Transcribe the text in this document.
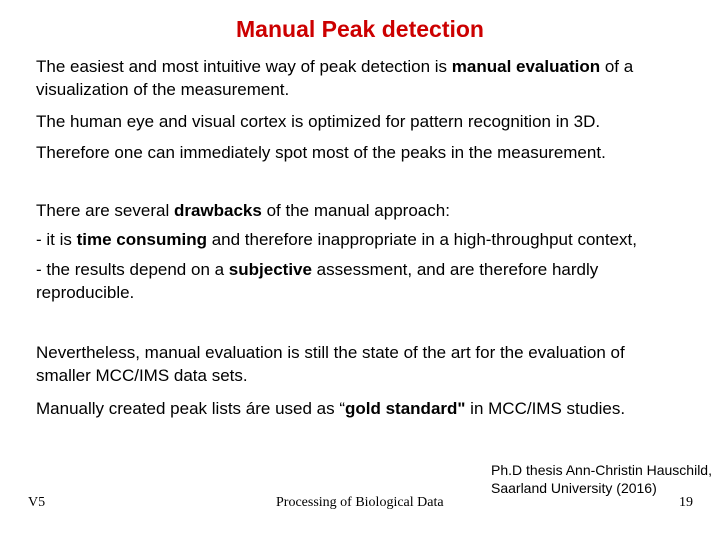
Manual Peak detection
The easiest and most intuitive way of peak detection is manual evaluation of a
visualization of the measurement.
The human eye and visual cortex is optimized for pattern recognition in 3D.
Therefore one can immediately spot most of the peaks in the measurement.
There are several drawbacks of the manual approach:
- it is time consuming and therefore inappropriate in a high-throughput context,
- the results depend on a subjective assessment, and are therefore hardly
reproducible.
Nevertheless, manual evaluation is still the state of the art for the evaluation of
smaller MCC/IMS data sets.
Manually created peak lists áre used as “gold standard" in MCC/IMS studies.
V5	Processing of Biological Data
Ph.D thesis Ann-Christin Hauschild,
Saarland University (2016)
19
